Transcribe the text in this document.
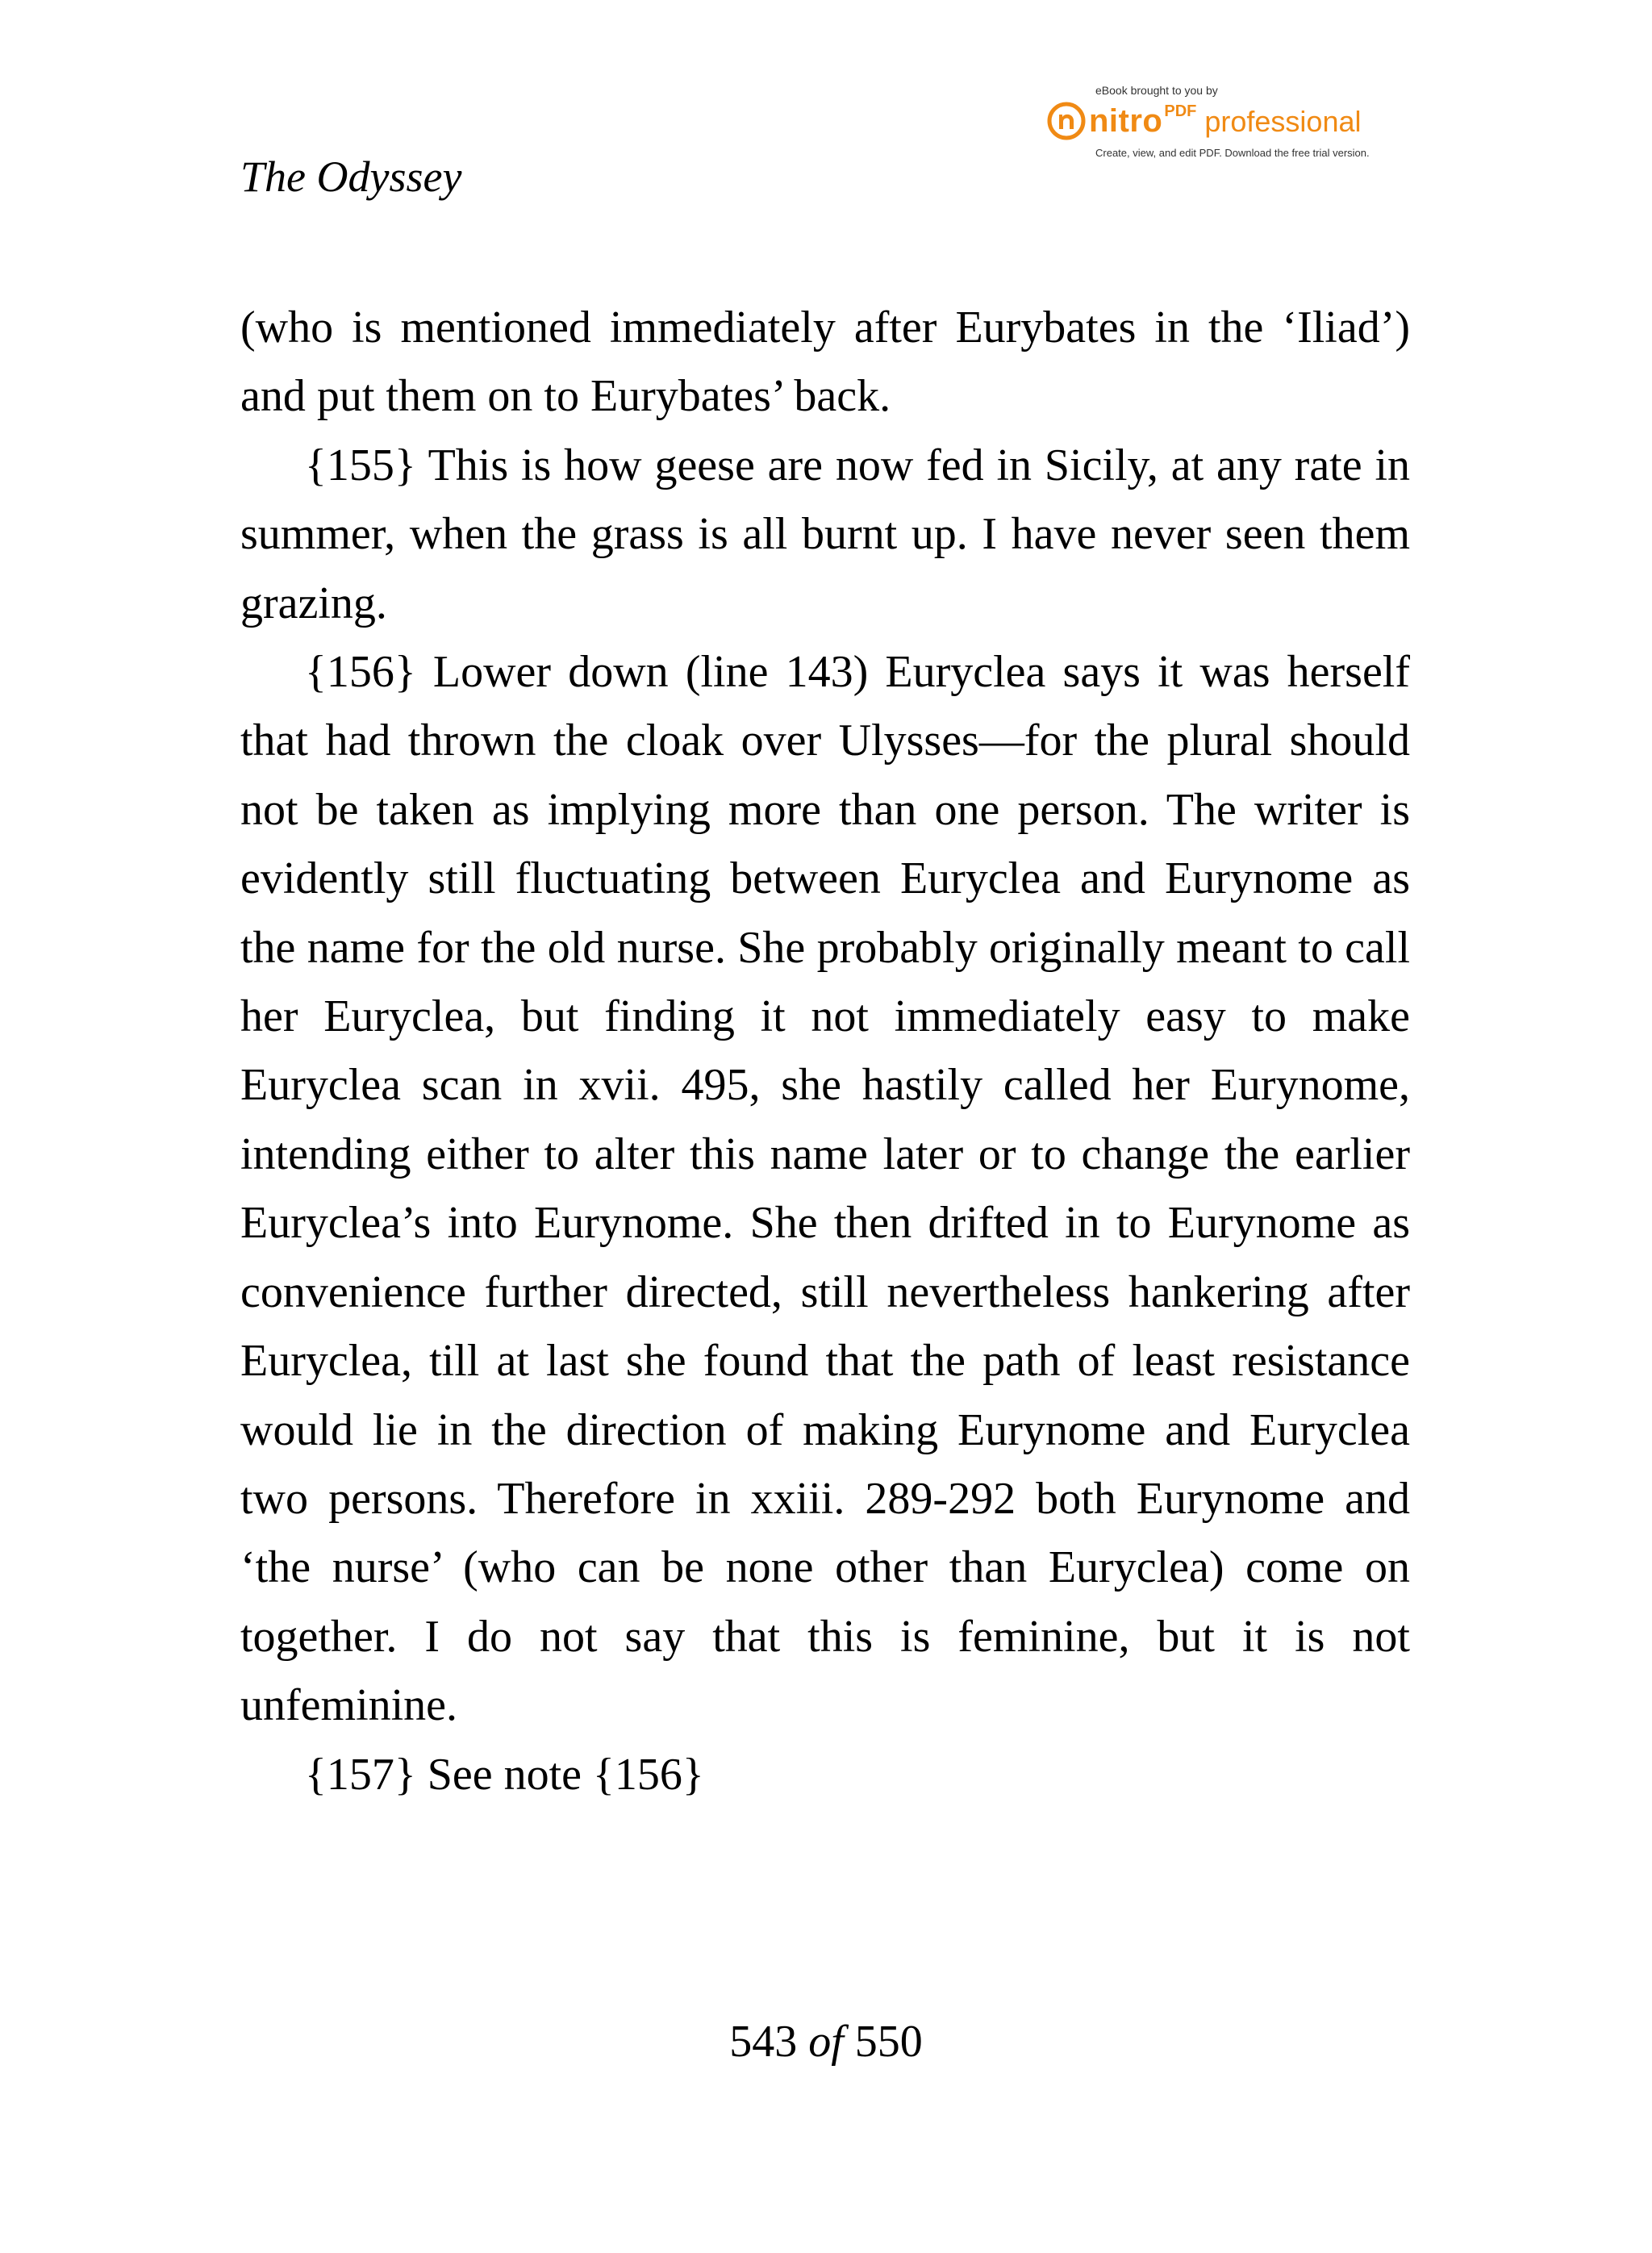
eBook brought to you by
nitro PDF professional
Create, view, and edit PDF. Download the free trial version.
The Odyssey

(who is mentioned immediately after Eurybates in the ‘Iliad’) and put them on to Eurybates’ back.

{155} This is how geese are now fed in Sicily, at any rate in summer, when the grass is all burnt up. I have never seen them grazing.

{156} Lower down (line 143) Euryclea says it was herself that had thrown the cloak over Ulysses—for the plural should not be taken as implying more than one person. The writer is evidently still fluctuating between Euryclea and Eurynome as the name for the old nurse. She probably originally meant to call her Euryclea, but finding it not immediately easy to make Euryclea scan in xvii. 495, she hastily called her Eurynome, intending either to alter this name later or to change the earlier Euryclea’s into Eurynome. She then drifted in to Eurynome as convenience further directed, still nevertheless hankering after Euryclea, till at last she found that the path of least resistance would lie in the direction of making Eurynome and Euryclea two persons. Therefore in xxiii. 289-292 both Eurynome and ‘the nurse’ (who can be none other than Euryclea) come on together. I do not say that this is feminine, but it is not unfeminine.

{157} See note {156}

543 of 550
